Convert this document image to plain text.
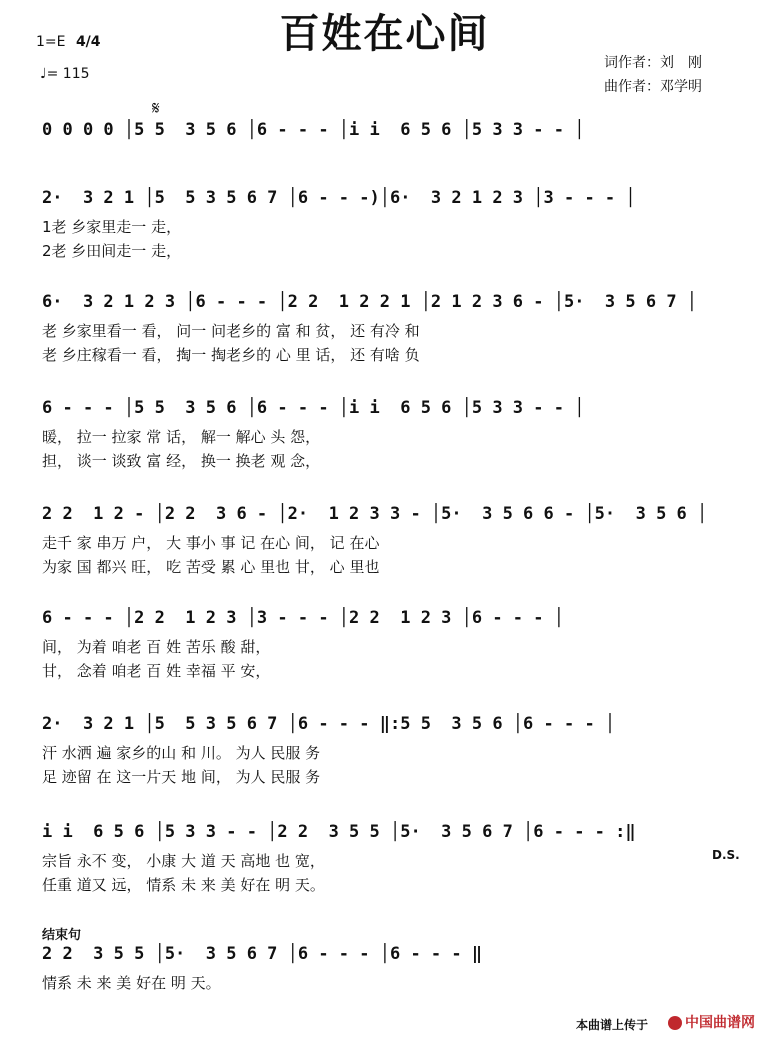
百姓在心间
1=E 4/4
♩= 115
词作者：刘　刚
曲作者：邓学明
𝄋
0 0 0 0 │5 5  3 5 6 │6 - - - │i i  6 5 6 │5 3 3 - - │
2·  3 2 1 │5  5 3 5 6 7 │6 - - -)│6·  3 2 1 2 3 │3 - - - │
1老 乡家里走一 走，
2老 乡田间走一 走，
6·  3 2 1 2 3 │6 - - - │2 2  1 2 2 1 │2 1 2 3 6 - │5·  3 5 6 7 │
老 乡家里看一 看， 问一 问老乡的 富 和 贫， 还 有冷 和
老 乡庄稼看一 看， 掏一 掏老乡的 心 里 话， 还 有啥 负
6 - - - │5 5  3 5 6 │6 - - - │i i  6 5 6 │5 3 3 - - │
暖， 拉一 拉家 常 话， 解一 解心 头 怨，
担， 谈一 谈致 富 经， 换一 换老 观 念，
2 2  1 2 - │2 2  3 6 - │2·  1 2 3 3 - │5·  3 5 6 6 - │5·  3 5 6 │
走千 家 串万 户， 大 事小 事 记 在心 间， 记 在心
为家 国 都兴 旺， 吃 苦受 累 心 里也 甘， 心 里也
6 - - - │2 2  1 2 3 │3 - - - │2 2  1 2 3 │6 - - - │
间， 为着 咱老 百 姓 苦乐 酸 甜，
甘， 念着 咱老 百 姓 幸福 平 安，
2·  3 2 1 │5  5 3 5 6 7 │6 - - - ‖:5 5  3 5 6 │6 - - - │
汗 水洒 遍 家乡的山 和 川。 为人 民服 务
足 迹留 在 这一片天 地 间， 为人 民服 务
i i  6 5 6 │5 3 3 - - │2 2  3 5 5 │5·  3 5 6 7 │6 - - - :‖
宗旨 永不 变， 小康 大 道 天 高地 也 宽，
任重 道又 远， 情系 未 来 美 好在 明 天。
2 2  3 5 5 │5·  3 5 6 7 │6 - - - │6 - - - ‖
情系 未 来 美 好在 明 天。
D.S.
结束句
本曲谱上传于	中国曲谱网
